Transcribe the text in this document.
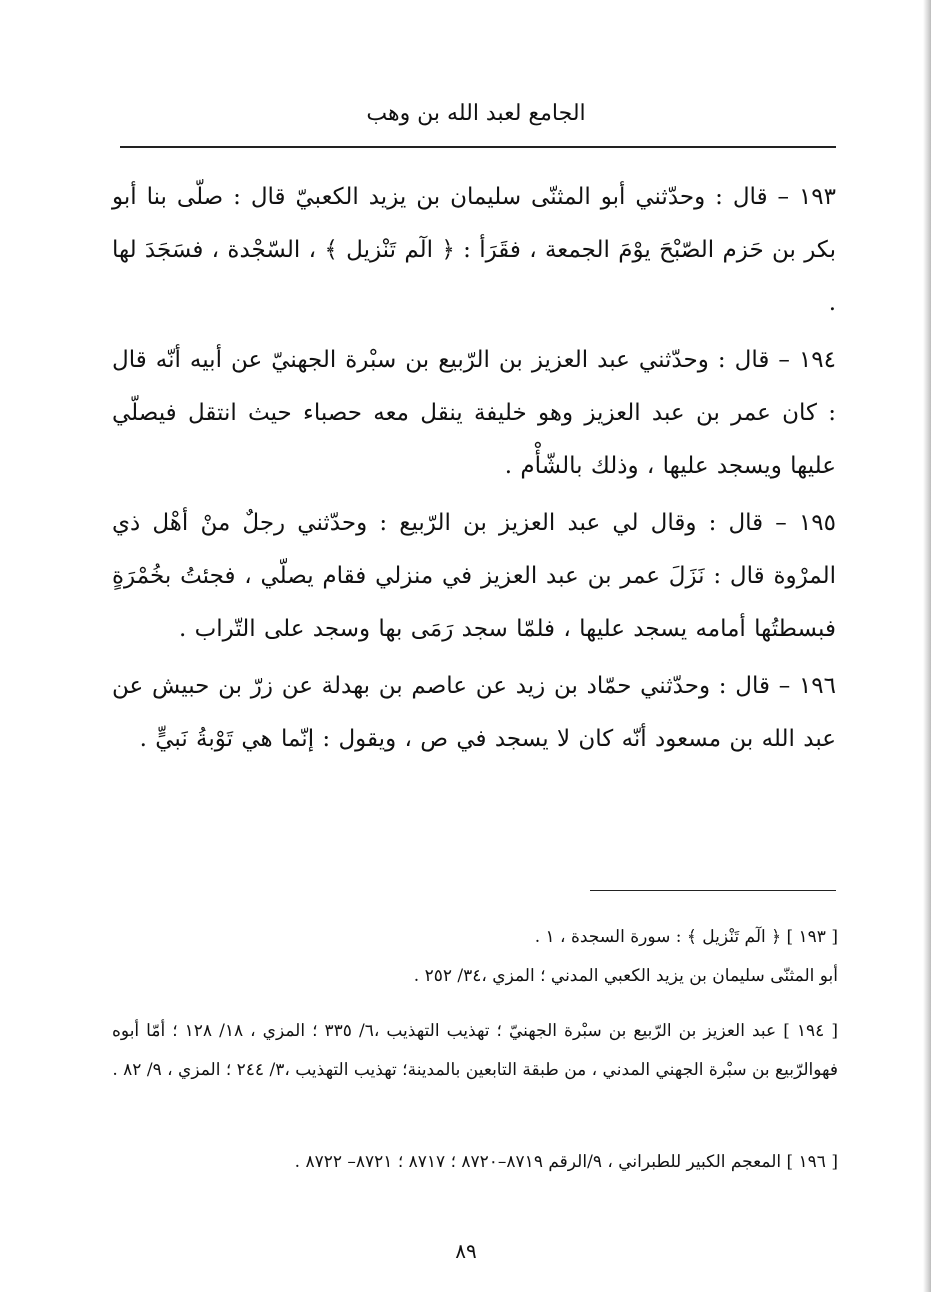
الجامع لعبد الله بن وهب
١٩٣ – قال : وحدّثني أبو المثنّى سليمان بن يزيد الكعبيّ قال : صلّى بنا أبو بكر بن حَزم الصّبْحَ يوْمَ الجمعة ، فقَرَأ : ﴿ الٓم تَنْزيل ﴾ ، السّجْدة ، فسَجَدَ لها .
١٩٤ – قال : وحدّثني عبد العزيز بن الرّبيع بن سبْرة الجهنيّ عن أبيه أنّه قال : كان عمر بن عبد العزيز وهو خليفة ينقل معه حصباء حيث انتقل فيصلّي عليها ويسجد عليها ، وذلك بالشّأْم .
١٩٥ – قال : وقال لي عبد العزيز بن الرّبيع : وحدّثني رجلٌ منْ أهْل ذي المرْوة قال : نَزَلَ عمر بن عبد العزيز في منزلي فقام يصلّي ، فجئتُ بخُمْرَةٍ فبسطتُها أمامه يسجد عليها ، فلمّا سجد رَمَى بها وسجد على التّراب .
١٩٦ – قال : وحدّثني حمّاد بن زيد عن عاصم بن بهدلة عن زرّ بن حبيش عن عبد الله بن مسعود أنّه كان لا يسجد في ص ، ويقول : إنّما هي تَوْبةُ نَبيٍّ .
[ ١٩٣ ] ﴿ الٓم تَنْزيل ﴾ : سورة السجدة ، ١ .
أبو المثنّى سليمان بن يزيد الكعبي المدني ؛ المزي ،٣٤/ ٢٥٢ .
[ ١٩٤ ] عبد العزيز بن الرّبيع بن سبْرة الجهنيّ ؛ تهذيب التهذيب ،٦/ ٣٣٥ ؛ المزي ، ١٨/ ١٢٨ ؛ أمّا أبوه فهوالرّبيع بن سبْرة الجهني المدني ، من طبقة التابعين بالمدينة؛ تهذيب التهذيب ،٣/ ٢٤٤ ؛ المزي ، ٩/ ٨٢ .
[ ١٩٦ ] المعجم الكبير للطبراني ، ٩/الرقم ٨٧١٩–٨٧٢٠ ؛ ٨٧١٧ ؛ ٨٧٢١– ٨٧٢٢ .
٨٩
